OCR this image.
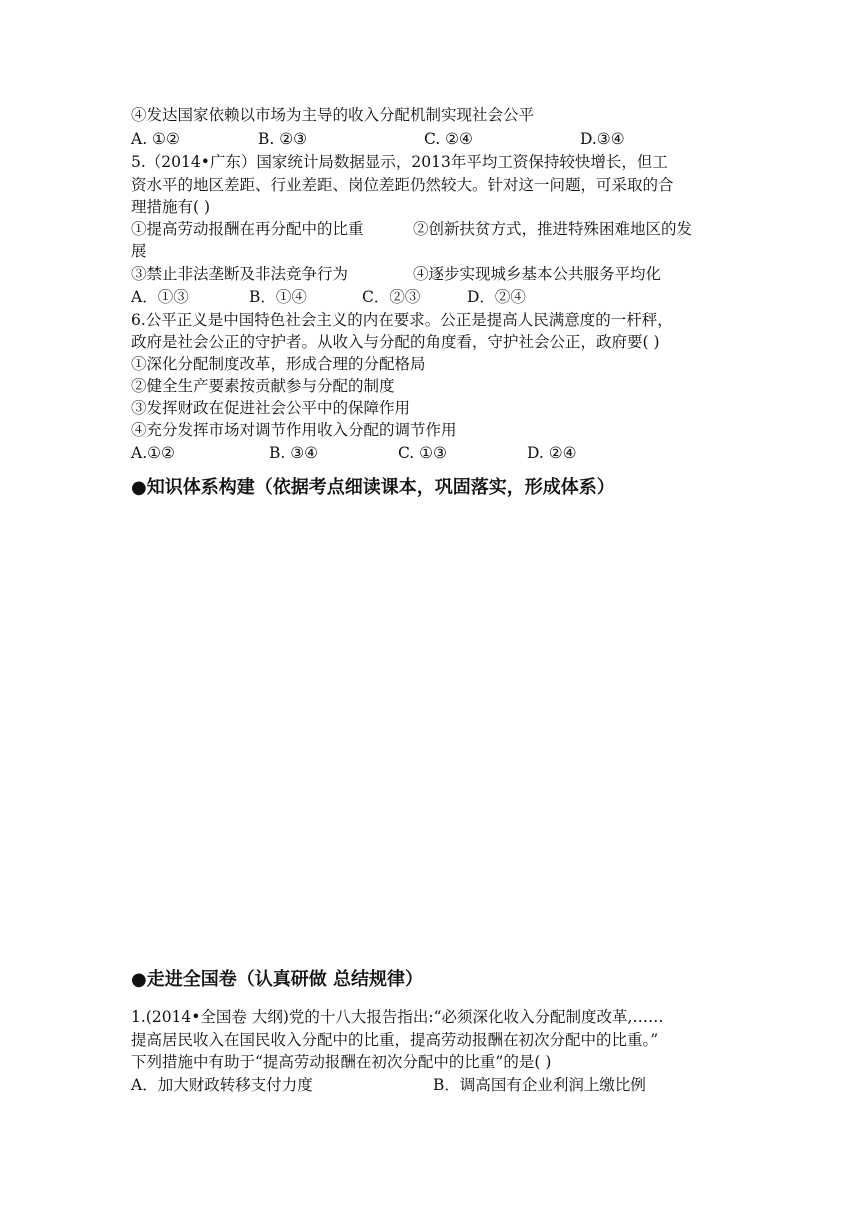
④发达国家依赖以市场为主导的收入分配机制实现社会公平
A. ①②	B. ②③	C. ②④	D.③④
5.（2014•广东）国家统计局数据显示，2013年平均工资保持较快增长，但工
资水平的地区差距、行业差距、岗位差距仍然较大。针对这一问题，可采取的合
理措施有( )
①提高劳动报酬在再分配中的比重	②创新扶贫方式，推进特殊困难地区的发
展
③禁止非法垄断及非法竞争行为	④逐步实现城乡基本公共服务平均化
A．①③	B．①④	C．②③	D．②④
6.公平正义是中国特色社会主义的内在要求。公正是提高人民满意度的一杆秤，
政府是社会公正的守护者。从收入与分配的角度看，守护社会公正，政府要( )
①深化分配制度改革，形成合理的分配格局
②健全生产要素按贡献参与分配的制度
③发挥财政在促进社会公平中的保障作用
④充分发挥市场对调节作用收入分配的调节作用
A.①②	B. ③④	C. ①③	D. ②④
●知识体系构建（依据考点细读课本，巩固落实，形成体系）
●走进全国卷（认真研做 总结规律）
1.(2014•全国卷 大纲)党的十八大报告指出:“必须深化收入分配制度改革,……
提高居民收入在国民收入分配中的比重，提高劳动报酬在初次分配中的比重。”
下列措施中有助于“提高劳动报酬在初次分配中的比重”的是( )
A．加大财政转移支付力度	B．调高国有企业利润上缴比例
